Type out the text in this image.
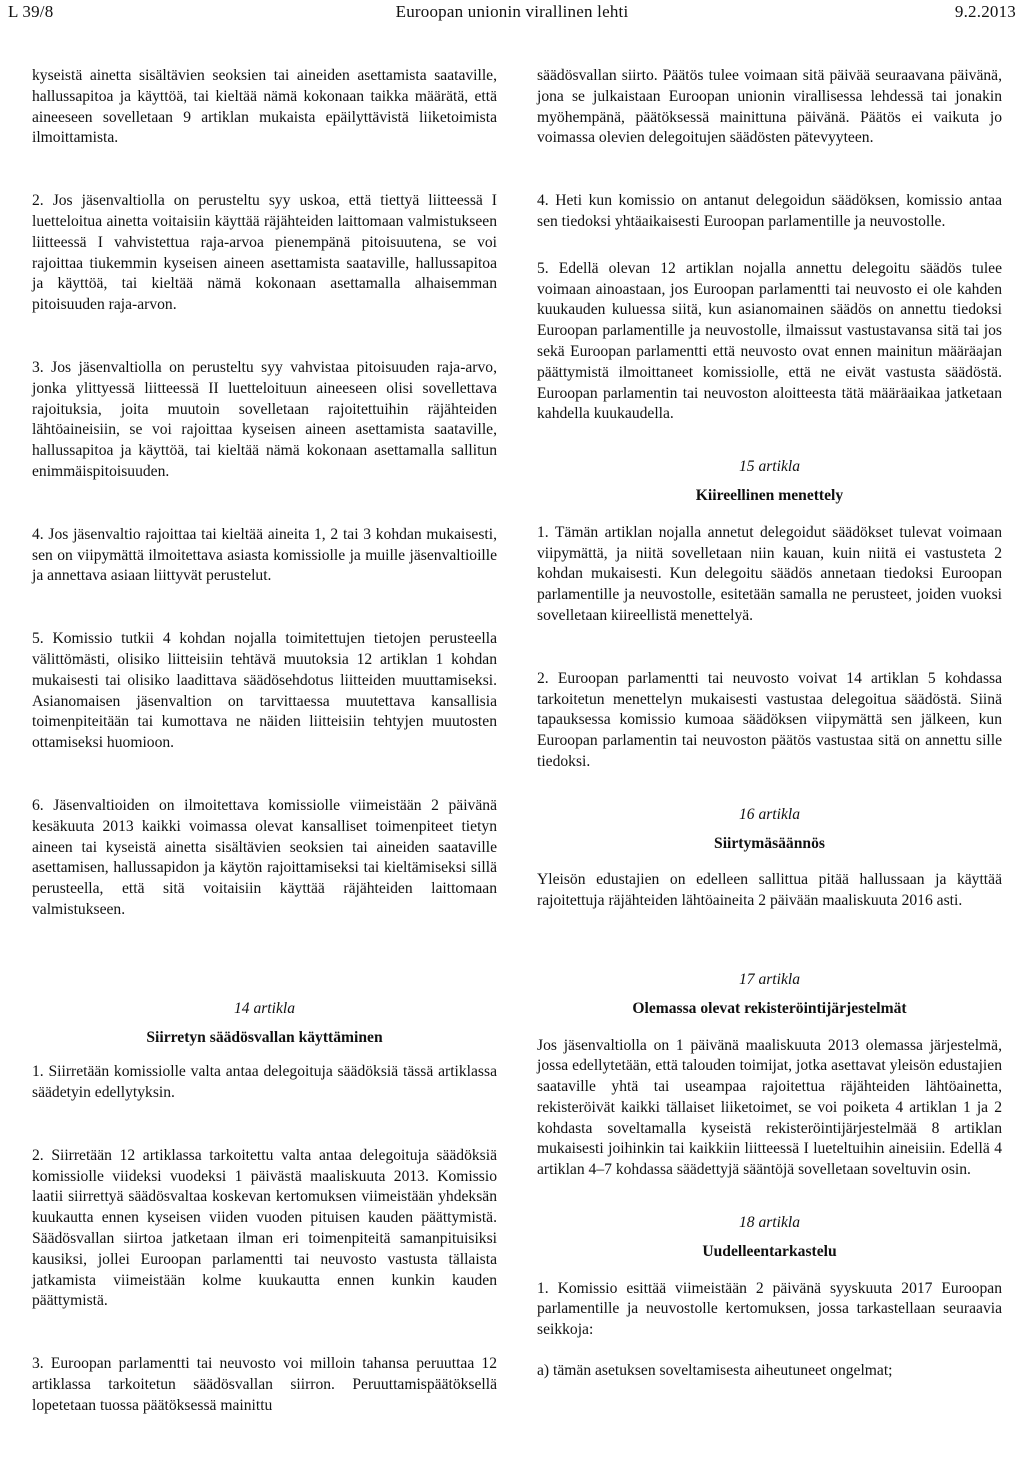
L 39/8	Euroopan unionin virallinen lehti	9.2.2013

kyseistä ainetta sisältävien seoksien tai aineiden asettamista saataville, hallussapitoa ja käyttöä, tai kieltää nämä kokonaan taikka määrätä, että aineeseen sovelletaan 9 artiklan mukaista epäilyttävistä liiketoimista ilmoittamista.

2. Jos jäsenvaltiolla on perusteltu syy uskoa, että tiettyä liitteessä I luetteloitua ainetta voitaisiin käyttää räjähteiden laittomaan valmistukseen liitteessä I vahvistettua raja-arvoa pienempänä pitoisuutena, se voi rajoittaa tiukemmin kyseisen aineen asettamista saataville, hallussapitoa ja käyttöä, tai kieltää nämä kokonaan asettamalla alhaisemman pitoisuuden raja-arvon.

3. Jos jäsenvaltiolla on perusteltu syy vahvistaa pitoisuuden raja-arvo, jonka ylittyessä liitteessä II luetteloituun aineeseen olisi sovellettava rajoituksia, joita muutoin sovelletaan rajoitettuihin räjähteiden lähtöaineisiin, se voi rajoittaa kyseisen aineen asettamista saataville, hallussapitoa ja käyttöä, tai kieltää nämä kokonaan asettamalla sallitun enimmäispitoisuuden.

4. Jos jäsenvaltio rajoittaa tai kieltää aineita 1, 2 tai 3 kohdan mukaisesti, sen on viipymättä ilmoitettava asiasta komissiolle ja muille jäsenvaltioille ja annettava asiaan liittyvät perustelut.

5. Komissio tutkii 4 kohdan nojalla toimitettujen tietojen perusteella välittömästi, olisiko liitteisiin tehtävä muutoksia 12 artiklan 1 kohdan mukaisesti tai olisiko laadittava säädösehdotus liitteiden muuttamiseksi. Asianomaisen jäsenvaltion on tarvittaessa muutettava kansallisia toimenpiteitään tai kumottava ne näiden liitteisiin tehtyjen muutosten ottamiseksi huomioon.

6. Jäsenvaltioiden on ilmoitettava komissiolle viimeistään 2 päivänä kesäkuuta 2013 kaikki voimassa olevat kansalliset toimenpiteet tietyn aineen tai kyseistä ainetta sisältävien seoksien tai aineiden saataville asettamisen, hallussapidon ja käytön rajoittamiseksi tai kieltämiseksi sillä perusteella, että sitä voitaisiin käyttää räjähteiden laittomaan valmistukseen.

14 artikla

Siirretyn säädösvallan käyttäminen

1. Siirretään komissiolle valta antaa delegoituja säädöksiä tässä artiklassa säädetyin edellytyksin.

2. Siirretään 12 artiklassa tarkoitettu valta antaa delegoituja säädöksiä komissiolle viideksi vuodeksi 1 päivästä maaliskuuta 2013. Komissio laatii siirrettyä säädösvaltaa koskevan kertomuksen viimeistään yhdeksän kuukautta ennen kyseisen viiden vuoden pituisen kauden päättymistä. Säädösvallan siirtoa jatketaan ilman eri toimenpiteitä samanpituisiksi kausiksi, jollei Euroopan parlamentti tai neuvosto vastusta tällaista jatkamista viimeistään kolme kuukautta ennen kunkin kauden päättymistä.

3. Euroopan parlamentti tai neuvosto voi milloin tahansa peruuttaa 12 artiklassa tarkoitetun säädösvallan siirron. Peruuttamispäätöksellä lopetetaan tuossa päätöksessä mainittu

säädösvallan siirto. Päätös tulee voimaan sitä päivää seuraavana päivänä, jona se julkaistaan Euroopan unionin virallisessa lehdessä tai jonakin myöhempänä, päätöksessä mainittuna päivänä. Päätös ei vaikuta jo voimassa olevien delegoitujen säädösten pätevyyteen.

4. Heti kun komissio on antanut delegoidun säädöksen, komissio antaa sen tiedoksi yhtäaikaisesti Euroopan parlamentille ja neuvostolle.

5. Edellä olevan 12 artiklan nojalla annettu delegoitu säädös tulee voimaan ainoastaan, jos Euroopan parlamentti tai neuvosto ei ole kahden kuukauden kuluessa siitä, kun asianomainen säädös on annettu tiedoksi Euroopan parlamentille ja neuvostolle, ilmaissut vastustavansa sitä tai jos sekä Euroopan parlamentti että neuvosto ovat ennen mainitun määräajan päättymistä ilmoittaneet komissiolle, että ne eivät vastusta säädöstä. Euroopan parlamentin tai neuvoston aloitteesta tätä määräaikaa jatketaan kahdella kuukaudella.

15 artikla

Kiireellinen menettely

1. Tämän artiklan nojalla annetut delegoidut säädökset tulevat voimaan viipymättä, ja niitä sovelletaan niin kauan, kuin niitä ei vastusteta 2 kohdan mukaisesti. Kun delegoitu säädös annetaan tiedoksi Euroopan parlamentille ja neuvostolle, esitetään samalla ne perusteet, joiden vuoksi sovelletaan kiireellistä menettelyä.

2. Euroopan parlamentti tai neuvosto voivat 14 artiklan 5 kohdassa tarkoitetun menettelyn mukaisesti vastustaa delegoitua säädöstä. Siinä tapauksessa komissio kumoaa säädöksen viipymättä sen jälkeen, kun Euroopan parlamentin tai neuvoston päätös vastustaa sitä on annettu sille tiedoksi.

16 artikla

Siirtymäsäännös

Yleisön edustajien on edelleen sallittua pitää hallussaan ja käyttää rajoitettuja räjähteiden lähtöaineita 2 päivään maaliskuuta 2016 asti.

17 artikla

Olemassa olevat rekisteröintijärjestelmät

Jos jäsenvaltiolla on 1 päivänä maaliskuuta 2013 olemassa järjestelmä, jossa edellytetään, että talouden toimijat, jotka asettavat yleisön edustajien saataville yhtä tai useampaa rajoitettua räjähteiden lähtöainetta, rekisteröivät kaikki tällaiset liiketoimet, se voi poiketa 4 artiklan 1 ja 2 kohdasta soveltamalla kyseistä rekisteröintijärjestelmää 8 artiklan mukaisesti joihinkin tai kaikkiin liitteessä I lueteltuihin aineisiin. Edellä 4 artiklan 4–7 kohdassa säädettyjä sääntöjä sovelletaan soveltuvin osin.

18 artikla

Uudelleentarkastelu

1. Komissio esittää viimeistään 2 päivänä syyskuuta 2017 Euroopan parlamentille ja neuvostolle kertomuksen, jossa tarkastellaan seuraavia seikkoja:

a) tämän asetuksen soveltamisesta aiheutuneet ongelmat;
